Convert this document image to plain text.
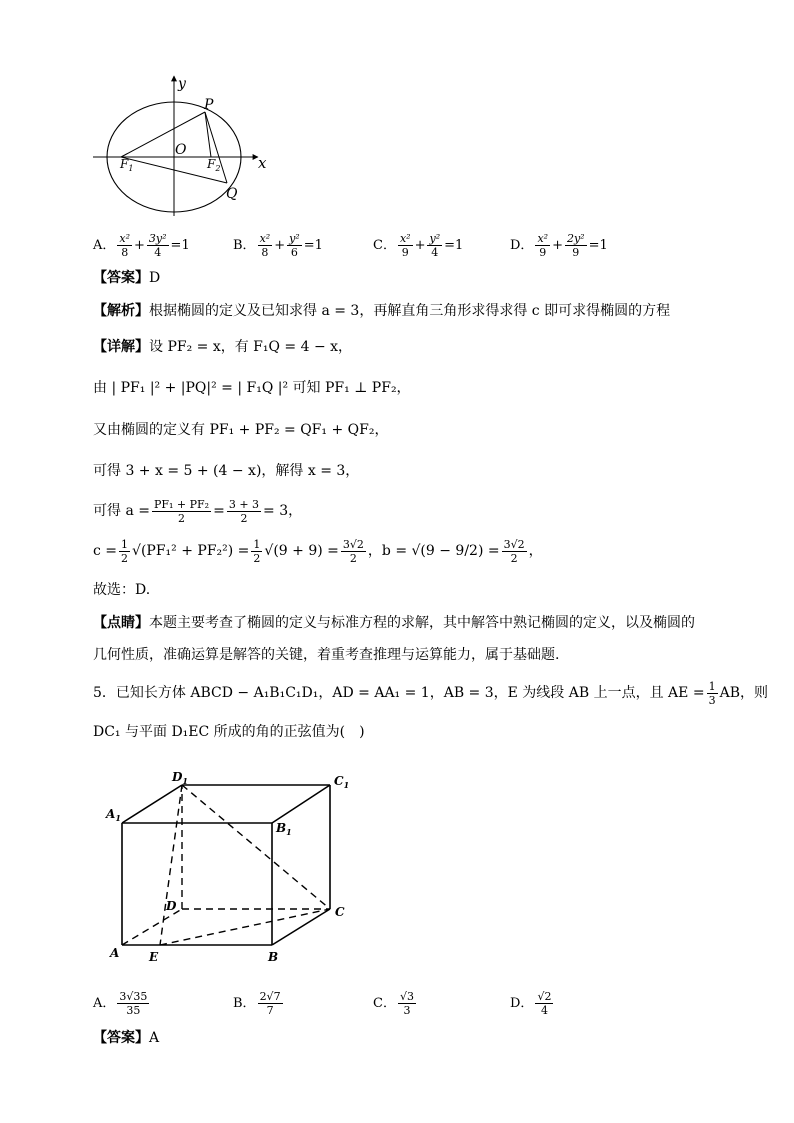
y
P
O
$F_1$	$F_2$	x
Q
A． $\frac{\text{x²}}{8} + \frac{\text{3y²}}{4} =1$	B． $\frac{\text{x²}}{8} + \frac{\text{y²}}{6} =1$	C． $\frac{\text{x²}}{9} + \frac{\text{y²}}{4} =1$	D． $\frac{\text{x²}}{9} + \frac{\text{2y²}}{9} =1$
【答案】D
【解析】根据椭圆的定义及已知求得 a = 3，再解直角三角形求得求得 c 即可求得椭圆的方程
【详解】设 PF₂ = x，有 F₁Q = 4 − x，
由 | PF₁ |² + |PQ|² = | F₁Q |² 可知 PF₁ ⊥ PF₂，
又由椭圆的定义有 PF₁ + PF₂ = QF₁ + QF₂，
可得 3 + x = 5 + (4 − x)，解得 x = 3，
可得 $a = \frac{\text{PF₁ + PF₂}}{2} = \frac{3 + 3}{2} = 3$，
$c = \frac{1}{2} √(PF_1^2 + PF_2^2) = \frac{1}{2} √(9 + 9) = \frac{3√2}{2}$ ，$b = √(9 - 9/2) = \frac{3√2}{2}$ ，
故选：D.
【点睛】本题主要考查了椭圆的定义与标准方程的求解，其中解答中熟记椭圆的定义，以及椭圆的
几何性质，准确运算是解答的关键，着重考查推理与运算能力，属于基础题.
5．已知长方体 ABCD − A₁B₁C₁D₁，AD = AA₁ = 1，AB = 3，E 为线段 AB 上一点，且 AE = $\frac{1}{3}$ AB，则
DC₁ 与平面 D₁EC 所成的角的正弦值为(　)
$D_1$	$C_1$
$A_1$
$B_1$
D	C
A E	B
A． $\frac{3√35}{35}$	B． $\frac{2√7}{7}$	C． $\frac{√3}{3}$	D． $\frac{√2}{4}$
【答案】A
